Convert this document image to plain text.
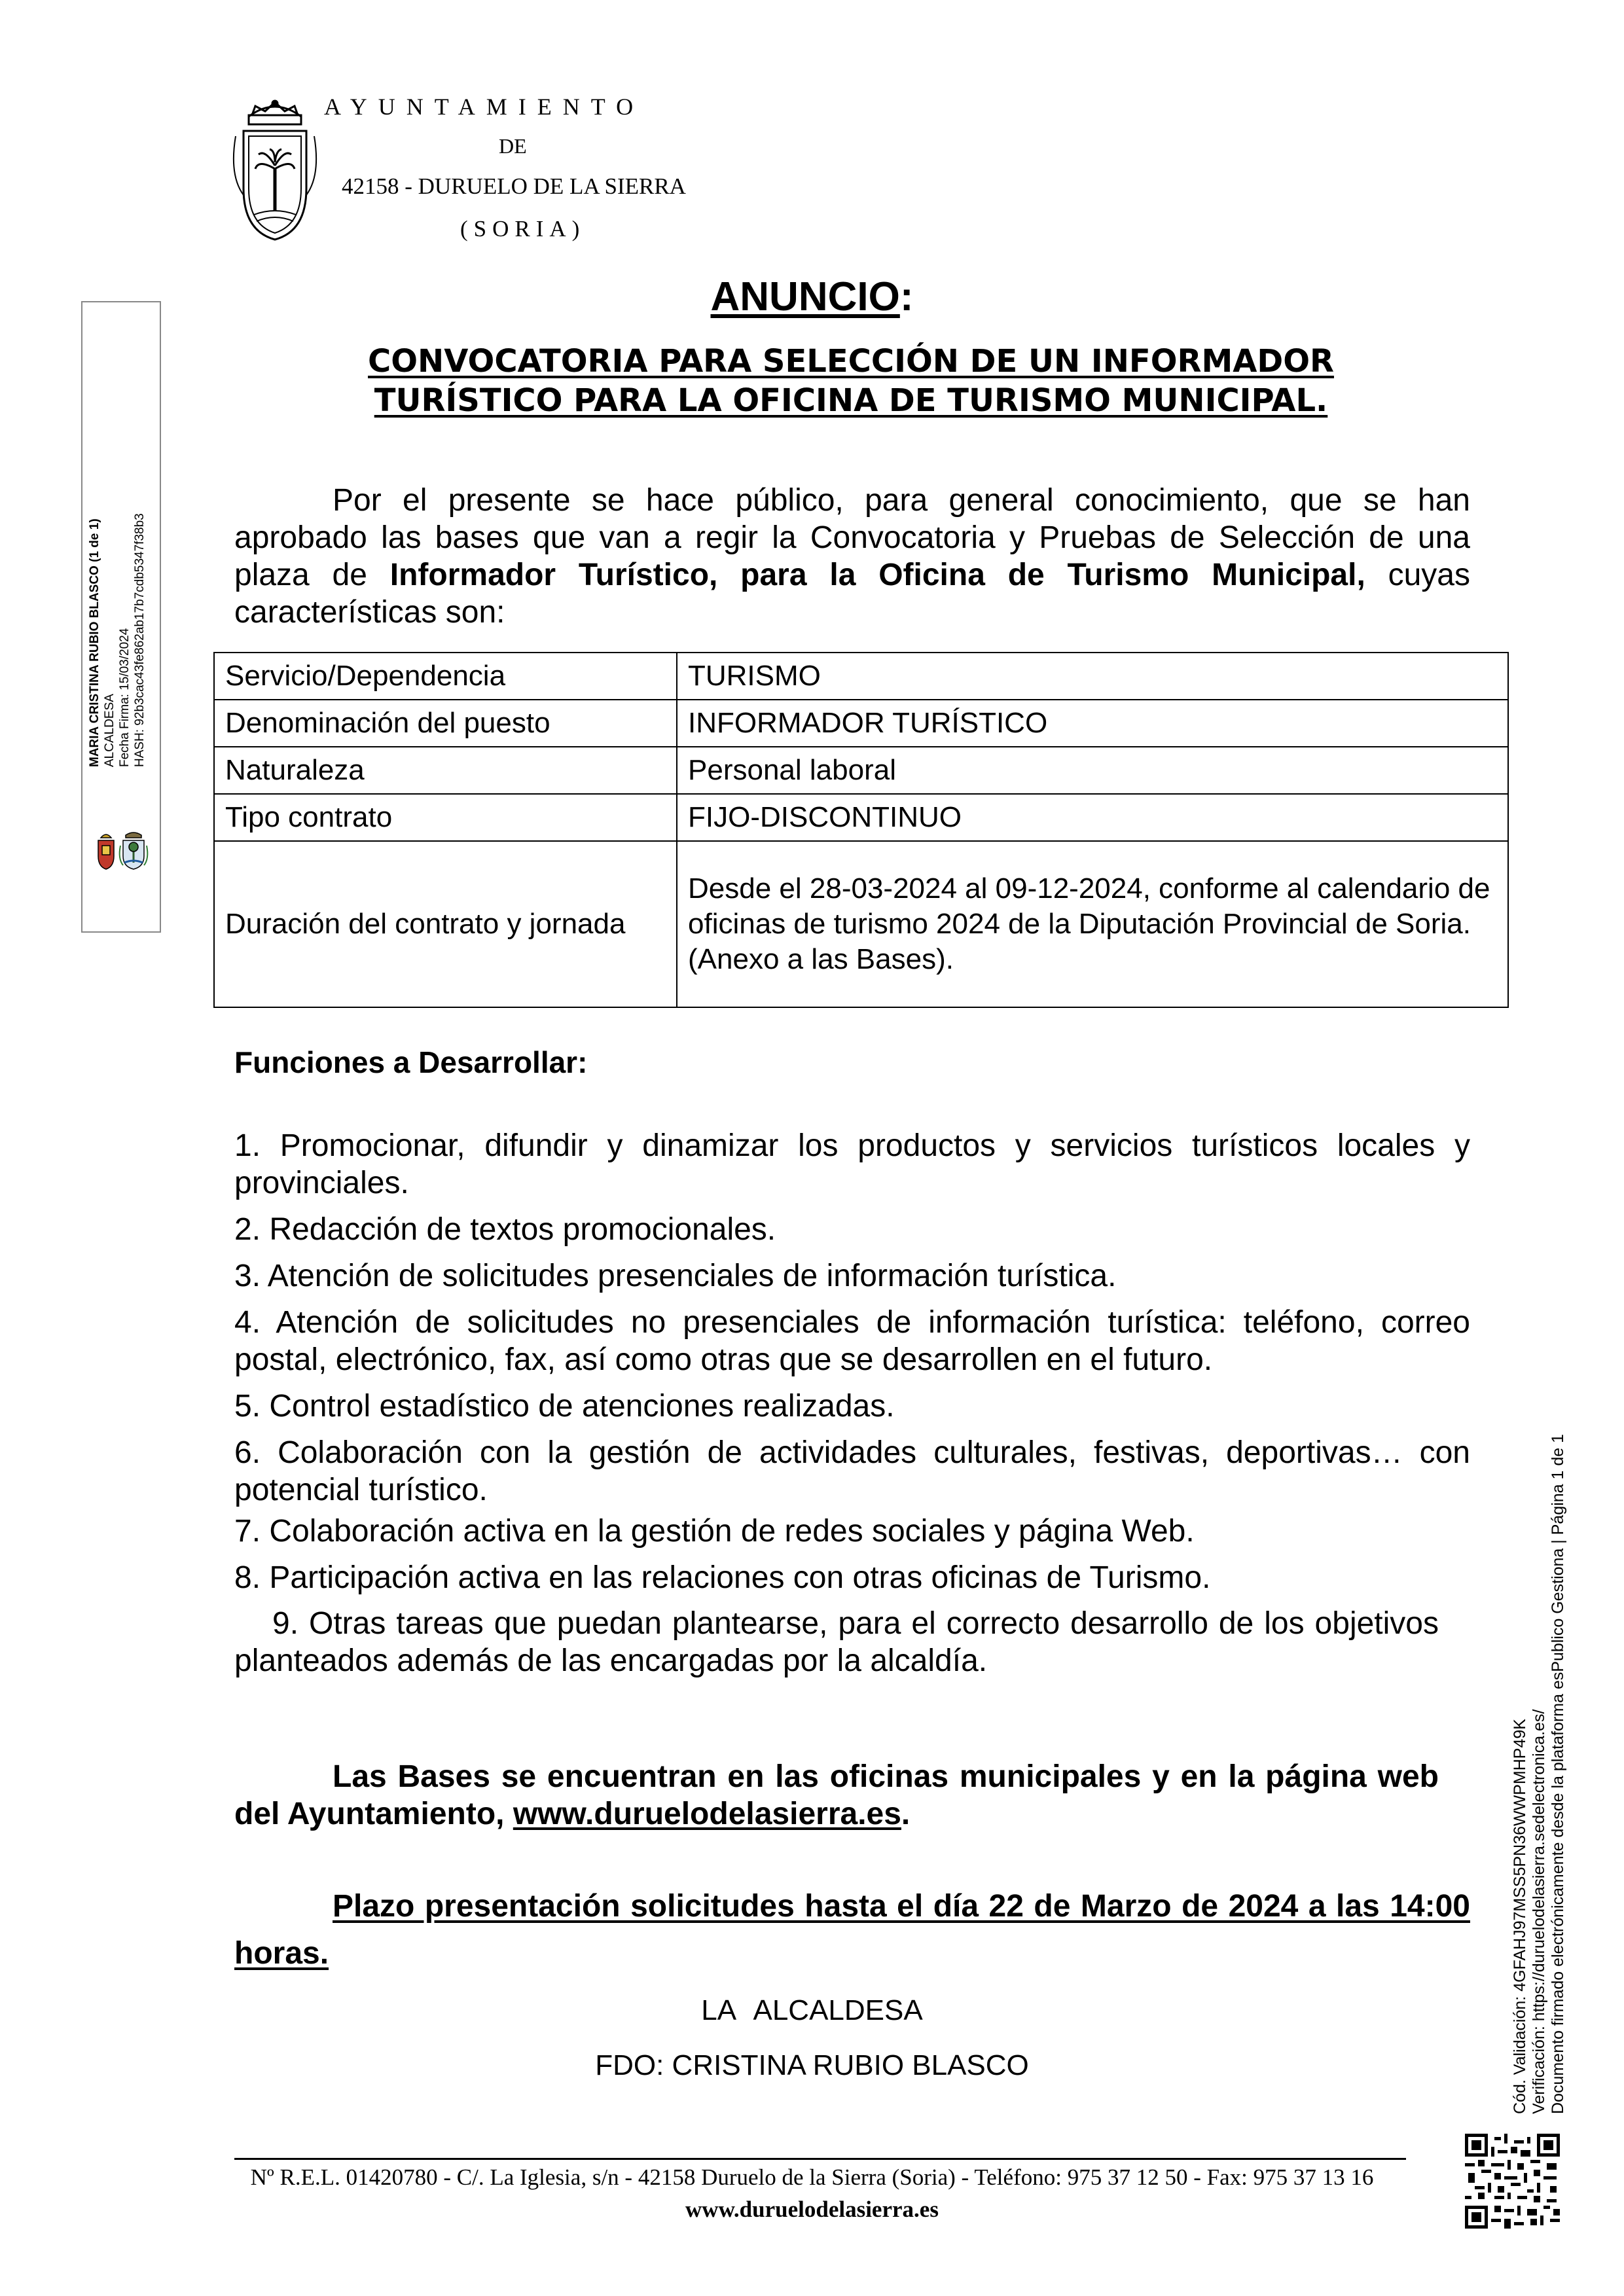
AYUNTAMIENTO
DE
42158 - DURUELO DE LA SIERRA
(SORIA)
MARIA CRISTINA RUBIO BLASCO (1 de 1) ALCALDESA Fecha Firma: 15/03/2024 HASH: 92b3cac43fe862ab17b7cdb5347f38b3
ANUNCIO:
CONVOCATORIA PARA SELECCIÓN DE UN INFORMADOR TURÍSTICO PARA LA OFICINA DE TURISMO MUNICIPAL.
Por el presente se hace público, para general conocimiento, que se han aprobado las bases que van a regir la Convocatoria y Pruebas de Selección de una plaza de Informador Turístico, para la Oficina de Turismo Municipal, cuyas características son:
Servicio/Dependencia	TURISMO
Denominación del puesto	INFORMADOR TURÍSTICO
Naturaleza	Personal laboral
Tipo contrato	FIJO-DISCONTINUO
Duración del contrato y jornada	Desde el 28-03-2024 al 09-12-2024, conforme al calendario de oficinas de turismo 2024 de la Diputación Provincial de Soria.(Anexo a las Bases).
Funciones a Desarrollar:
1. Promocionar, difundir y dinamizar los productos y servicios turísticos locales y provinciales.
2. Redacción de textos promocionales.
3. Atención de solicitudes presenciales de información turística.
4. Atención de solicitudes no presenciales de información turística: teléfono, correo postal, electrónico, fax, así como otras que se desarrollen en el futuro.
5. Control estadístico de atenciones realizadas.
6. Colaboración con la gestión de actividades culturales, festivas, deportivas… con potencial turístico.
7. Colaboración activa en la gestión de redes sociales y página Web.
8. Participación activa en las relaciones con otras oficinas de Turismo.
9. Otras tareas que puedan plantearse, para el correcto desarrollo de los objetivos planteados además de las encargadas por la alcaldía.
Las Bases se encuentran en las oficinas municipales y en la página web del Ayuntamiento, www.duruelodelasierra.es.
Plazo presentación solicitudes hasta el día 22 de Marzo de 2024 a las 14:00 horas.
LA ALCALDESA
FDO: CRISTINA RUBIO BLASCO
Nº R.E.L. 01420780 - C/. La Iglesia, s/n - 42158 Duruelo de la Sierra (Soria) - Teléfono: 975 37 12 50 - Fax: 975 37 13 16
www.duruelodelasierra.es
Cód. Validación: 4GFAHJ97MSS5PN36WWPMHP49K Verificación: https://duruelodelasierra.sedelectronica.es/ Documento firmado electrónicamente desde la plataforma esPublico Gestiona | Página 1 de 1
